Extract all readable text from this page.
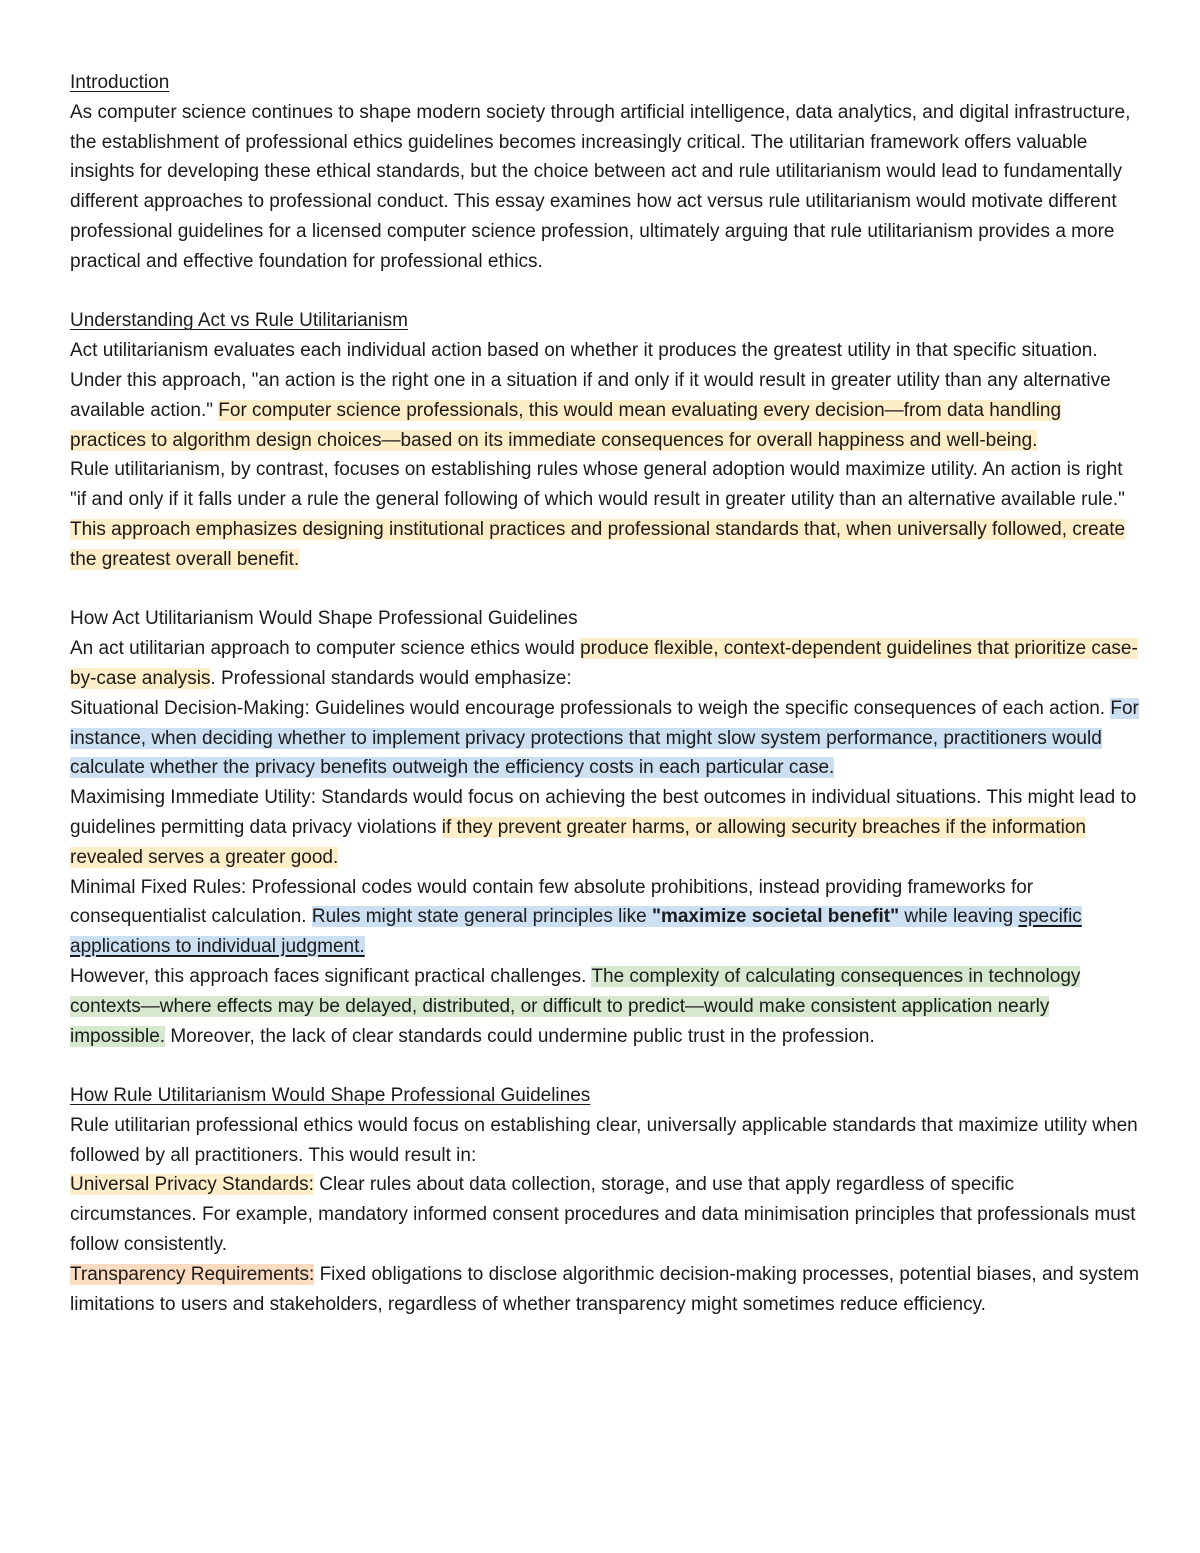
Introduction

As computer science continues to shape modern society through artificial intelligence, data analytics, and digital infrastructure, the establishment of professional ethics guidelines becomes increasingly critical. The utilitarian framework offers valuable insights for developing these ethical standards, but the choice between act and rule utilitarianism would lead to fundamentally different approaches to professional conduct. This essay examines how act versus rule utilitarianism would motivate different professional guidelines for a licensed computer science profession, ultimately arguing that rule utilitarianism provides a more practical and effective foundation for professional ethics.

Understanding Act vs Rule Utilitarianism

Act utilitarianism evaluates each individual action based on whether it produces the greatest utility in that specific situation. Under this approach, "an action is the right one in a situation if and only if it would result in greater utility than any alternative available action." For computer science professionals, this would mean evaluating every decision—from data handling practices to algorithm design choices—based on its immediate consequences for overall happiness and well-being.

Rule utilitarianism, by contrast, focuses on establishing rules whose general adoption would maximize utility. An action is right "if and only if it falls under a rule the general following of which would result in greater utility than an alternative available rule." This approach emphasizes designing institutional practices and professional standards that, when universally followed, create the greatest overall benefit.

How Act Utilitarianism Would Shape Professional Guidelines

An act utilitarian approach to computer science ethics would produce flexible, context-dependent guidelines that prioritize case-by-case analysis. Professional standards would emphasize:

Situational Decision-Making: Guidelines would encourage professionals to weigh the specific consequences of each action. For instance, when deciding whether to implement privacy protections that might slow system performance, practitioners would calculate whether the privacy benefits outweigh the efficiency costs in each particular case.

Maximising Immediate Utility: Standards would focus on achieving the best outcomes in individual situations. This might lead to guidelines permitting data privacy violations if they prevent greater harms, or allowing security breaches if the information revealed serves a greater good.

Minimal Fixed Rules: Professional codes would contain few absolute prohibitions, instead providing frameworks for consequentialist calculation. Rules might state general principles like "maximize societal benefit" while leaving specific applications to individual judgment.

However, this approach faces significant practical challenges. The complexity of calculating consequences in technology contexts—where effects may be delayed, distributed, or difficult to predict—would make consistent application nearly impossible. Moreover, the lack of clear standards could undermine public trust in the profession.

How Rule Utilitarianism Would Shape Professional Guidelines

Rule utilitarian professional ethics would focus on establishing clear, universally applicable standards that maximize utility when followed by all practitioners. This would result in:

Universal Privacy Standards: Clear rules about data collection, storage, and use that apply regardless of specific circumstances. For example, mandatory informed consent procedures and data minimisation principles that professionals must follow consistently.

Transparency Requirements: Fixed obligations to disclose algorithmic decision-making processes, potential biases, and system limitations to users and stakeholders, regardless of whether transparency might sometimes reduce efficiency.
